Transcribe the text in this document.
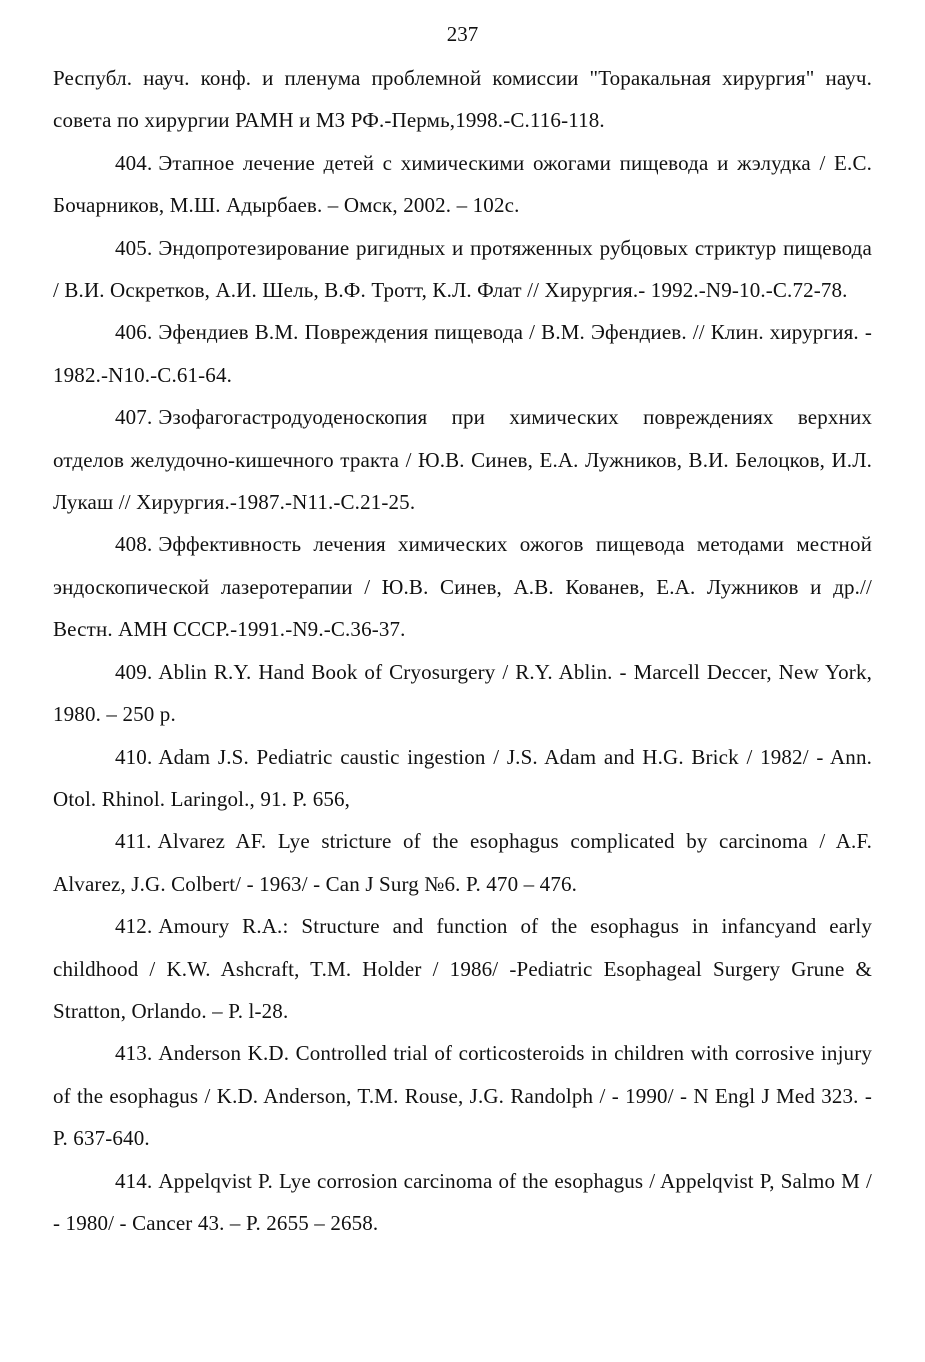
237

Республ. науч. конф. и пленума проблемной комиссии "Торакальная хирургия" науч. совета по хирургии РАМН и МЗ РФ.-Пермь,1998.-С.116-118.

404. Этапное лечение детей с химическими ожогами пищевода и жэлудка / Е.С. Бочарников, М.Ш. Адырбаев. – Омск, 2002. – 102с.

405. Эндопротезирование ригидных и протяженных рубцовых стриктур пищевода / В.И. Оскретков, А.И. Шель, В.Ф. Тротт, К.Л. Флат // Хирургия.- 1992.-N9-10.-С.72-78.

406. Эфендиев В.М. Повреждения пищевода / В.М. Эфендиев. // Клин. хирургия. - 1982.-N10.-С.61-64.

407. Эзофагогастродуоденоскопия при химических повреждениях верхних отделов желудочно-кишечного тракта / Ю.В. Синев, Е.А. Лужников, В.И. Белоцков, И.Л. Лукаш // Хирургия.-1987.-N11.-С.21-25.

408. Эффективность лечения химических ожогов пищевода методами местной эндоскопической лазеротерапии / Ю.В. Синев, А.В. Кованев, Е.А. Лужников и др.// Вестн. АМН СССР.-1991.-N9.-С.36-37.

409. Ablin R.Y. Hand Book of Cryosurgery / R.Y. Ablin. - Marcell Deccer, New York, 1980. – 250 p.

410. Adam J.S. Pediatric caustic ingestion / J.S. Adam and H.G. Brick / 1982/ - Ann. Otol. Rhinol. Laringol., 91. P. 656,

411. Alvarez AF. Lye stricture of the esophagus complicated by carcinoma / A.F. Alvarez, J.G. Colbert/ - 1963/ - Can J Surg №6. P. 470 – 476.

412. Amoury R.A.: Structure and function of the esophagus in infancyand early childhood / K.W. Ashcraft, T.M. Holder / 1986/ -Pediatric Esophageal Surgery Grune & Stratton, Orlando. – P. l-28.

413. Anderson K.D. Controlled trial of corticosteroids in children with corrosive injury of the esophagus / K.D. Anderson, T.M. Rouse, J.G. Randolph / - 1990/ - N Engl J Med 323. - P. 637-640.

414. Appelqvist P. Lye corrosion carcinoma of the esophagus / Appelqvist P, Salmo M / - 1980/ - Cancer 43. – P. 2655 – 2658.
